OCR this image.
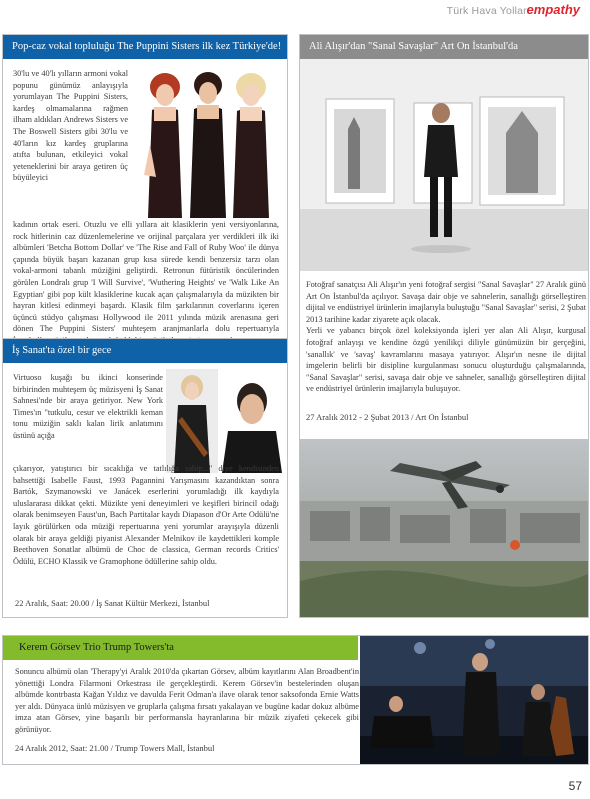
Türk Hava Yolları
empathy
Pop-caz vokal topluluğu The Puppini Sisters ilk kez Türkiye'de!

30'lu ve 40'lı yılların armoni vokal popunu günümüz anlayışıyla yorumlayan The Puppini Sisters, kardeş olmamalarına rağmen ilham aldıkları Andrews Sisters ve The Boswell Sisters gibi 30'lu ve 40'ların kız kardeş gruplarına atıfta bulunan, etkileyici vokal yeteneklerini bir araya getiren üç büyüleyici

kadının ortak eseri. Otuzlu ve elli yıllara ait klasiklerin yeni versiyonlarına, rock hitlerinin caz düzenlemelerine ve orijinal parçalara yer verdikleri ilk iki albümleri 'Betcha Bottom Dollar' ve 'The Rise and Fall of Ruby Woo' ile dünya çapında büyük başarı kazanan grup kısa sürede kendi benzersiz tarzı olan vokal-armoni tabanlı müziğini geliştirdi. Retronun fütüristik öncülerinden görülen Londralı grup 'I Will Survive', 'Wuthering Heights' ve 'Walk Like An Egyptian' gibi pop kült klasiklerine kucak açan çalışmalarıyla da müzikten bir hayran kitlesi edinmeyi başardı. Klasik film şarkılarının coverlarını içeren üçüncü stüdyo çalışması Hollywood ile 2011 yılında müzik arenasına geri dönen The Puppini Sisters' muhteşem aranjmanlarla dolu repertuarıyla

İş Sanat'ta özel bir gece

Virtuoso kuşağı bu ikinci konserinde birbirinden muhteşem üç müzisyeni İş Sanat Sahnesi'nde bir araya getiriyor. New York Times'ın "tutkulu, cesur ve elektrikli keman tonu müziğin saklı kalan lirik anlatımını üstünü açığa

çıkarıyor, yatıştırıcı bir sıcaklığa ve tatlılığa sahip..." diye kendisinden bahsettiği Isabelle Faust, 1993 Pagannini Yarışmasını kazandıktan sonra Bartók, Szymanowski ve Janácek eserlerini yorumladığı ilk kaydıyla uluslararası dikkat çekti. Müzikte yeni deneyimleri ve keşifleri birincil odağı olarak benimseyen Faust'un, Bach Partitalar kaydı Diapason d'Or Arte Odülü'ne layık görülürken oda müziği repertuarına yeni yorumlar arayışıyla düzenli olarak bir araya geldiği piyanist Alexander Melnikov ile kaydettikleri komple Beethoven Sonatlar albümü de Choc de classica, German records Critics' Ödülü, ECHO Klassik ve Gramophone ödüllerine sahip oldu.

22 Aralık, Saat: 20.00 / İş Sanat Kültür Merkezi, İstanbul
Ali Alışır'dan "Sanal Savaşlar" Art On İstanbul'da

Fotoğraf sanatçısı Ali Alışır'ın yeni fotoğraf sergisi "Sanal Savaşlar" 27 Aralık günü Art On İstanbul'da açılıyor. Savaşa dair obje ve sahnelerin, sanallığı görselleştiren dijital ve endüstriyel ürünlerin imajlarıyla buluştuğu "Sanal Savaşlar" serisi, 2 Şubat 2013 tarihine kadar ziyarete açık olacak.

Yerli ve yabancı birçok özel koleksiyonda işleri yer alan Ali Alışır, kurgusal fotoğraf anlayışı ve kendine özgü yenilikçi diliyle günümüzün bir gerçeğini, 'sanallık' ve 'savaş' kavramlarını masaya yatırıyor. Alışır'ın nesne ile dijital imgelerin belirli bir disipline kurgulanması sonucu oluşturduğu çalışmalarında, "Sanal Savaşlar" serisi, savaşa dair obje ve sahneler, sanallığı görselleştiren dijital ve endüstriyel ürünlerin imajlarıyla buluşuyor.

27 Aralık 2012 - 2 Şubat 2013 / Art On İstanbul
Kerem Görsev Trio Trump Towers'ta

Sonuncu albümü olan 'Therapy'yi Aralık 2010'da çıkartan Görsev, albüm kayıtlarını Alan Broadbent'in yönettiği Londra Filarmoni Orkestrası ile gerçekleştirdi. Kerem Görsev'in bestelerinden oluşan albümde kontrbasta Kağan Yıldız ve davulda Ferit Odman'a ilave olarak tenor saksofonda Ernie Watts yer aldı. Dünyaca ünlü müzisyen ve gruplarla çalışma fırsatı yakalayan ve bugüne kadar dokuz albüme imza atan Görsev, yine başarılı bir performansla hayranlarına bir müzik ziyafeti çekecek gibi görünüyor.

24 Aralık 2012, Saat: 21.00 / Trump Towers Mall, İstanbul
57
